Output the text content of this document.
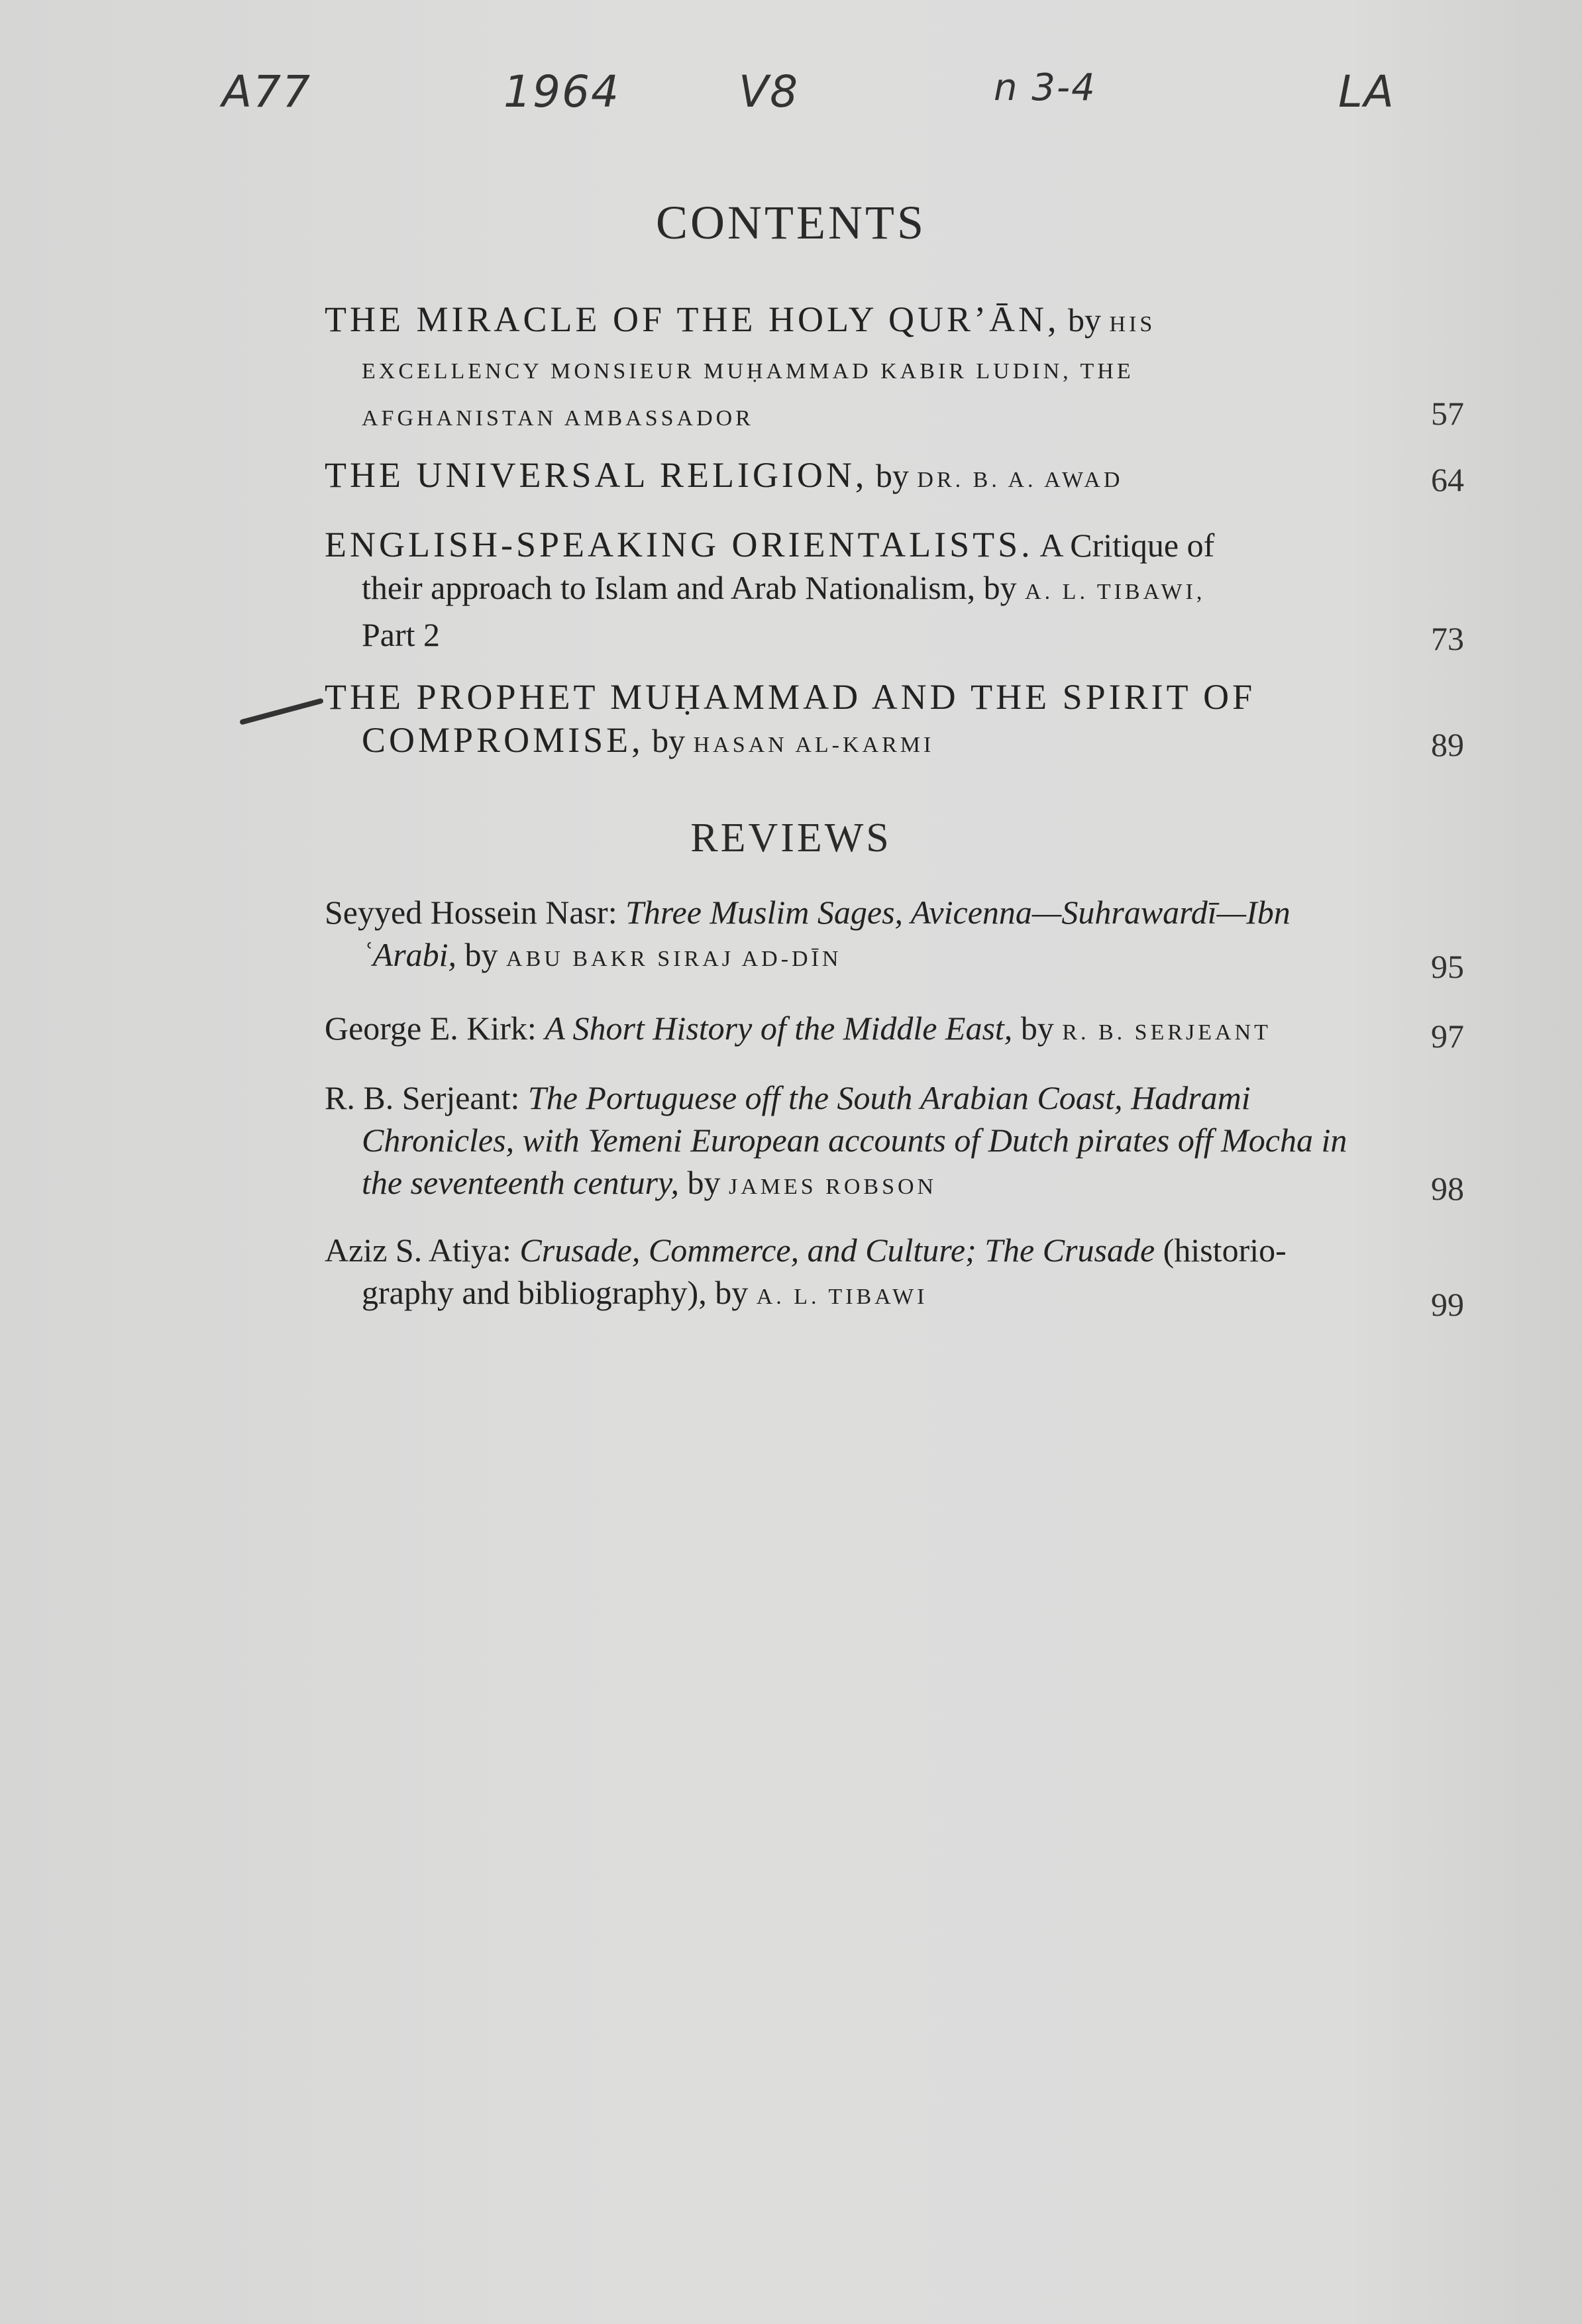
A77	1964	V8	n 3-4	LA
CONTENTS
THE MIRACLE OF THE HOLY QUR’ĀN, by HIS
EXCELLENCY MONSIEUR MUḤAMMAD KABIR LUDIN, THE
AFGHANISTAN AMBASSADOR	57
THE UNIVERSAL RELIGION, by DR. B. A. AWAD	64
ENGLISH-SPEAKING ORIENTALISTS. A Critique of
their approach to Islam and Arab Nationalism, by A. L. TIBAWI,
Part 2	73
THE PROPHET MUḤAMMAD AND THE SPIRIT OF
COMPROMISE, by HASAN AL-KARMI	89
REVIEWS
Seyyed Hossein Nasr: Three Muslim Sages, Avicenna—Suhrawardī—Ibn
ʿArabi, by ABU BAKR SIRAJ AD-DĪN	95
George E. Kirk: A Short History of the Middle East, by R. B. SERJEANT	97
R. B. Serjeant: The Portuguese off the South Arabian Coast, Hadrami
Chronicles, with Yemeni European accounts of Dutch pirates off Mocha in
the seventeenth century, by JAMES ROBSON	98
Aziz S. Atiya: Crusade, Commerce, and Culture; The Crusade (historio-
graphy and bibliography), by A. L. TIBAWI	99
